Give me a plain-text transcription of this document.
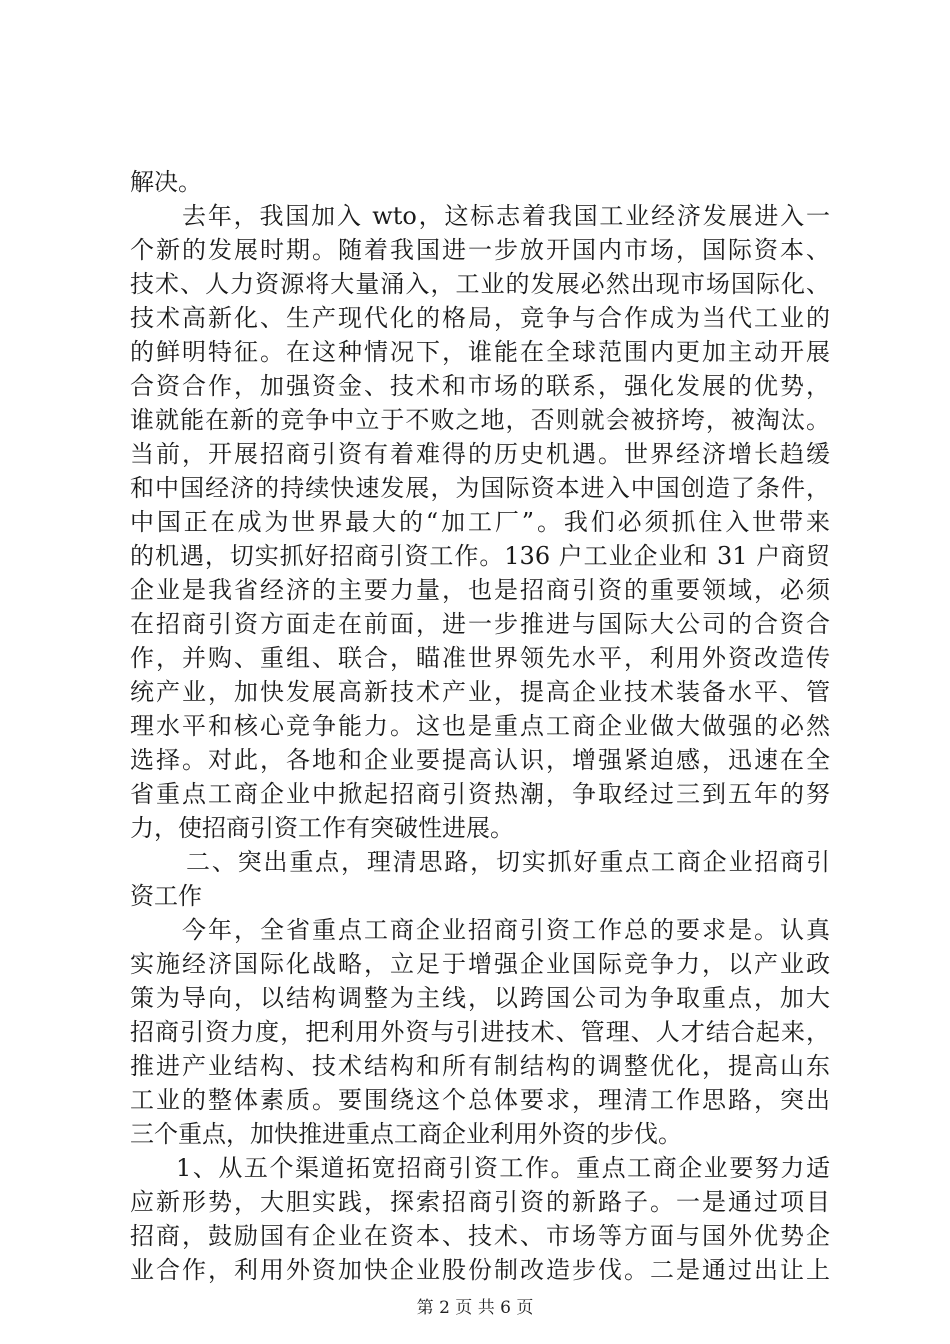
解决。
去年，我国加入 wto，这标志着我国工业经济发展进入一
个新的发展时期。随着我国进一步放开国内市场，国际资本、
技术、人力资源将大量涌入，工业的发展必然出现市场国际化、
技术高新化、生产现代化的格局，竞争与合作成为当代工业的
的鲜明特征。在这种情况下，谁能在全球范围内更加主动开展
合资合作，加强资金、技术和市场的联系，强化发展的优势，
谁就能在新的竞争中立于不败之地，否则就会被挤垮，被淘汰。
当前，开展招商引资有着难得的历史机遇。世界经济增长趋缓
和中国经济的持续快速发展，为国际资本进入中国创造了条件，
中国正在成为世界最大的“加工厂”。我们必须抓住入世带来
的机遇，切实抓好招商引资工作。136 户工业企业和 31 户商贸
企业是我省经济的主要力量，也是招商引资的重要领域，必须
在招商引资方面走在前面，进一步推进与国际大公司的合资合
作，并购、重组、联合，瞄准世界领先水平，利用外资改造传
统产业，加快发展高新技术产业，提高企业技术装备水平、管
理水平和核心竞争能力。这也是重点工商企业做大做强的必然
选择。对此，各地和企业要提高认识，增强紧迫感，迅速在全
省重点工商企业中掀起招商引资热潮，争取经过三到五年的努
力，使招商引资工作有突破性进展。
二、突出重点，理清思路，切实抓好重点工商企业招商引
资工作
今年，全省重点工商企业招商引资工作总的要求是。认真
实施经济国际化战略，立足于增强企业国际竞争力，以产业政
策为导向，以结构调整为主线，以跨国公司为争取重点，加大
招商引资力度，把利用外资与引进技术、管理、人才结合起来，
推进产业结构、技术结构和所有制结构的调整优化，提高山东
工业的整体素质。要围绕这个总体要求，理清工作思路，突出
三个重点，加快推进重点工商企业利用外资的步伐。
1、从五个渠道拓宽招商引资工作。重点工商企业要努力适
应新形势，大胆实践，探索招商引资的新路子。一是通过项目
招商，鼓励国有企业在资本、技术、市场等方面与国外优势企
业合作，利用外资加快企业股份制改造步伐。二是通过出让上
第 2 页 共 6 页
